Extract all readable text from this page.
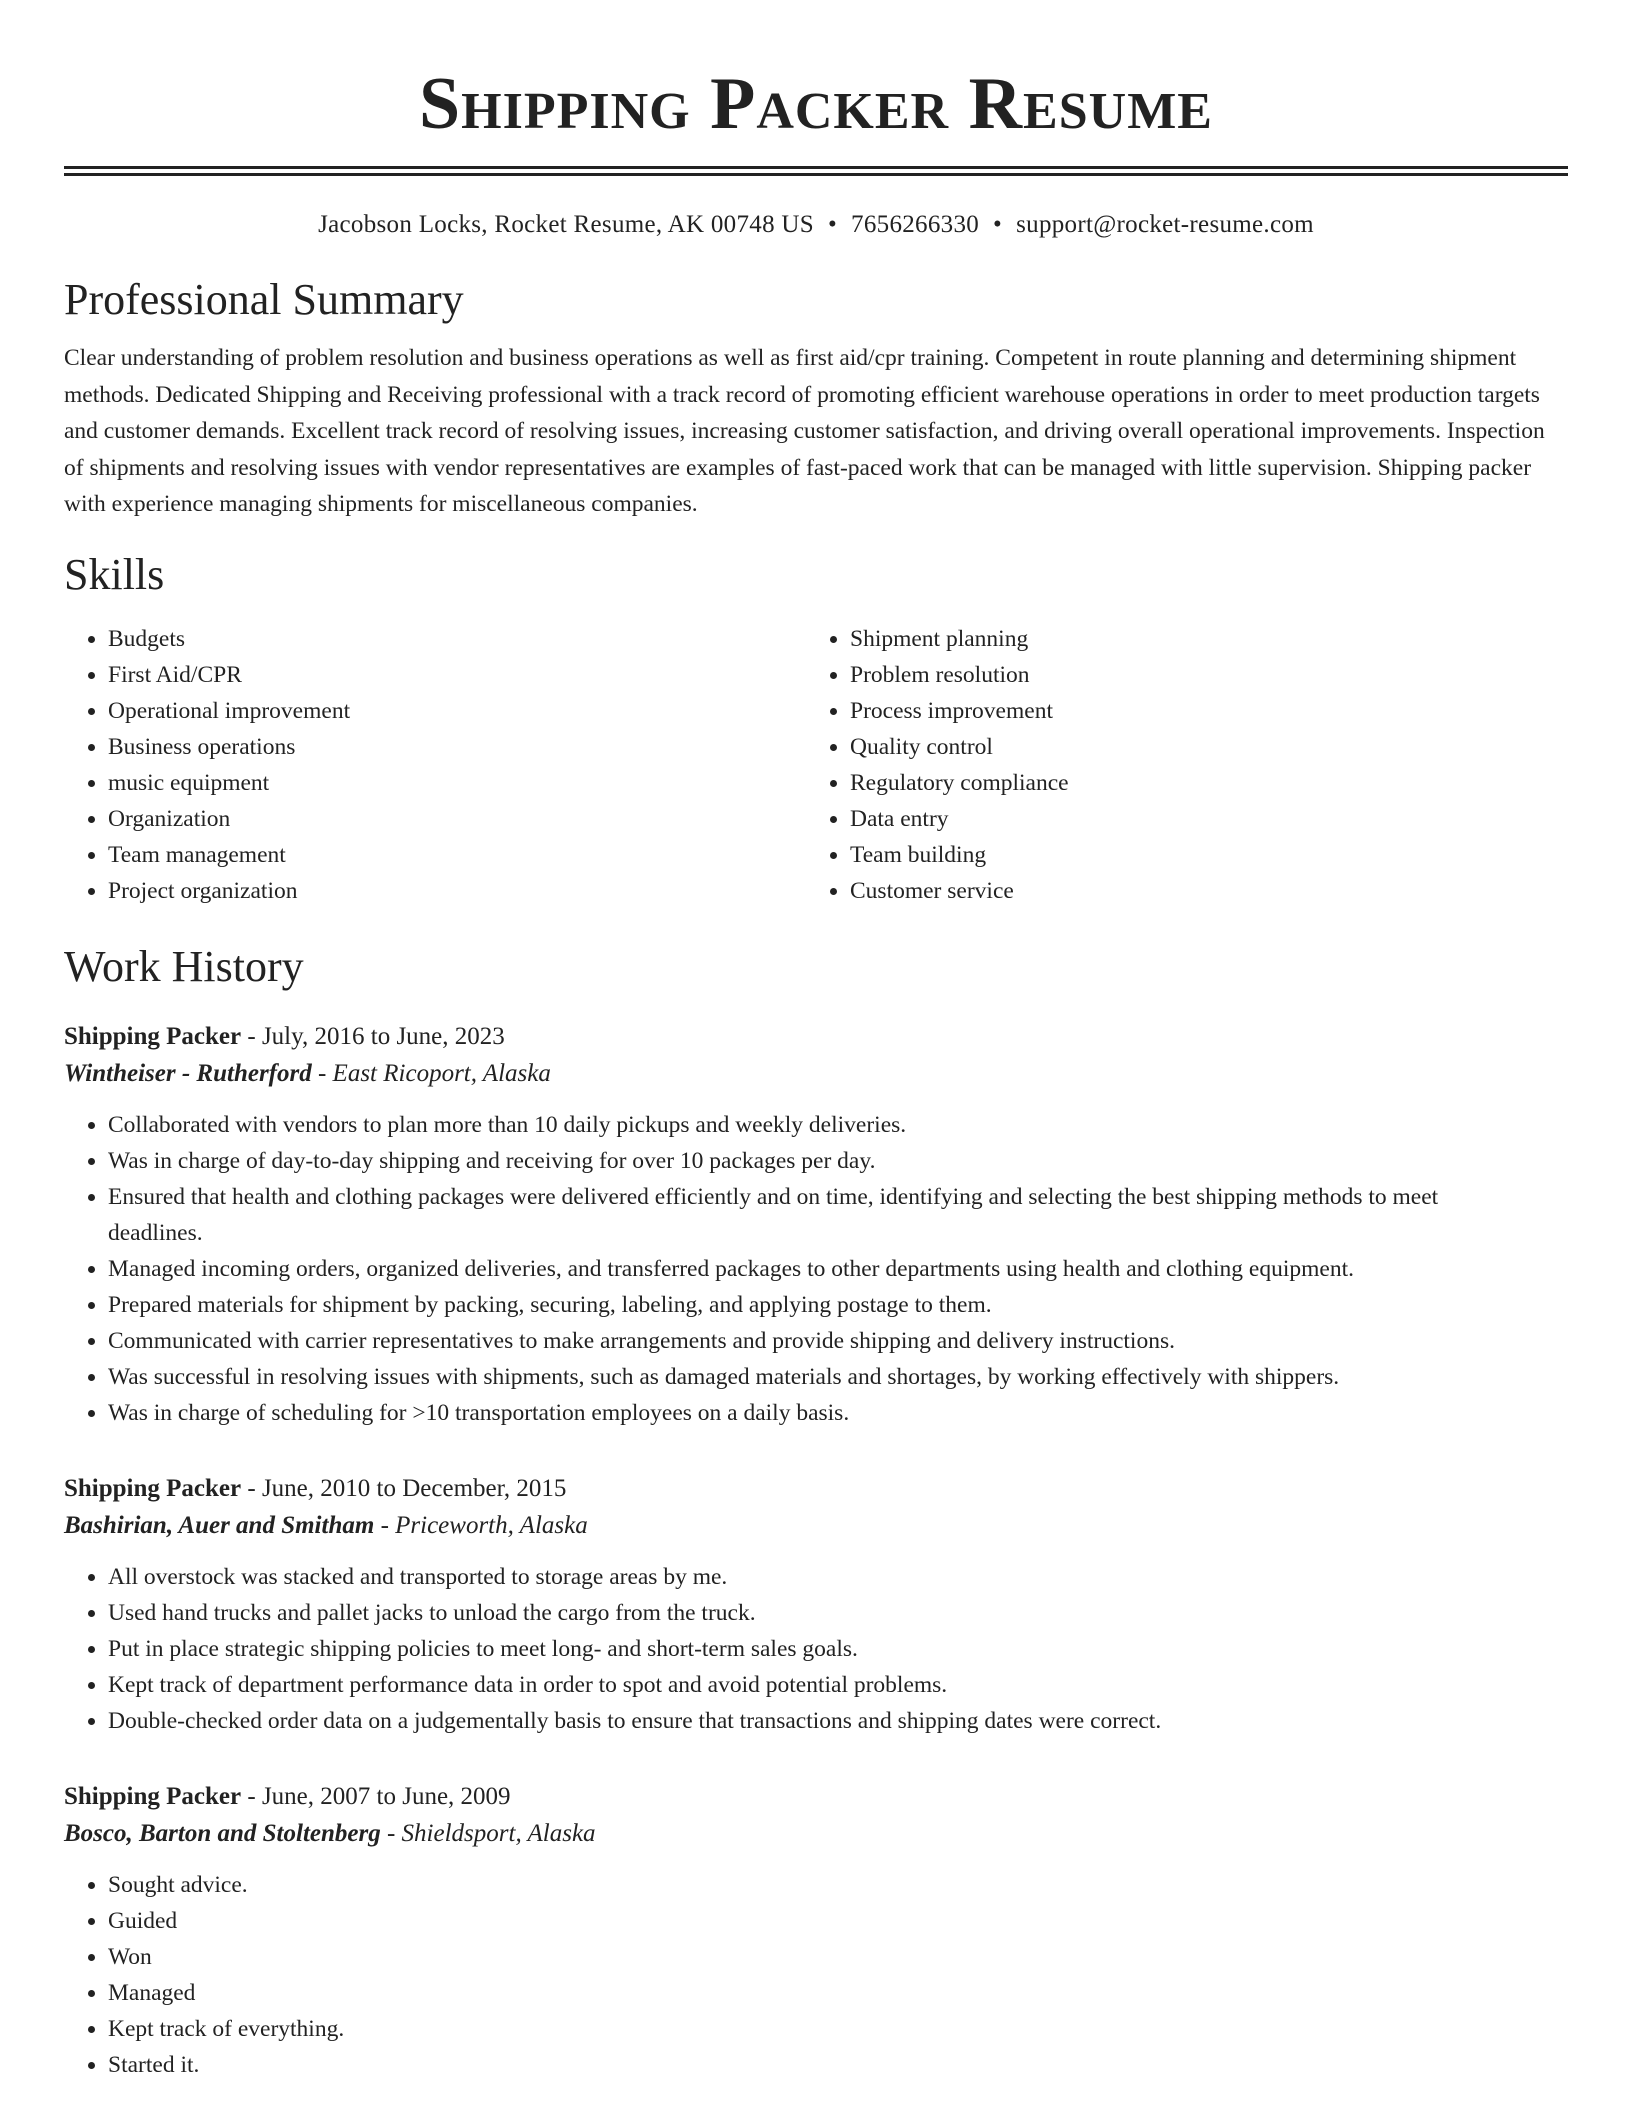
Shipping Packer Resume
Jacobson Locks, Rocket Resume, AK 00748 US • 7656266330 • support@rocket-resume.com
Professional Summary

Clear understanding of problem resolution and business operations as well as first aid/cpr training. Competent in route planning and determining shipment methods. Dedicated Shipping and Receiving professional with a track record of promoting efficient warehouse operations in order to meet production targets and customer demands. Excellent track record of resolving issues, increasing customer satisfaction, and driving overall operational improvements. Inspection of shipments and resolving issues with vendor representatives are examples of fast-paced work that can be managed with little supervision. Shipping packer with experience managing shipments for miscellaneous companies.

Skills
• Budgets
• First Aid/CPR
• Operational improvement
• Business operations
• music equipment
• Organization
• Team management
• Project organization
• Shipment planning
• Problem resolution
• Process improvement
• Quality control
• Regulatory compliance
• Data entry
• Team building
• Customer service
Work History
Shipping Packer - July, 2016 to June, 2023
Wintheiser - Rutherford - East Ricoport, Alaska
• Collaborated with vendors to plan more than 10 daily pickups and weekly deliveries.
• Was in charge of day-to-day shipping and receiving for over 10 packages per day.
• Ensured that health and clothing packages were delivered efficiently and on time, identifying and selecting the best shipping methods to meet deadlines.
• Managed incoming orders, organized deliveries, and transferred packages to other departments using health and clothing equipment.
• Prepared materials for shipment by packing, securing, labeling, and applying postage to them.
• Communicated with carrier representatives to make arrangements and provide shipping and delivery instructions.
• Was successful in resolving issues with shipments, such as damaged materials and shortages, by working effectively with shippers.
• Was in charge of scheduling for >10 transportation employees on a daily basis.
Shipping Packer - June, 2010 to December, 2015
Bashirian, Auer and Smitham - Priceworth, Alaska
• All overstock was stacked and transported to storage areas by me.
• Used hand trucks and pallet jacks to unload the cargo from the truck.
• Put in place strategic shipping policies to meet long- and short-term sales goals.
• Kept track of department performance data in order to spot and avoid potential problems.
• Double-checked order data on a judgementally basis to ensure that transactions and shipping dates were correct.
Shipping Packer - June, 2007 to June, 2009
Bosco, Barton and Stoltenberg - Shieldsport, Alaska
• Sought advice.
• Guided
• Won
• Managed
• Kept track of everything.
• Started it.
